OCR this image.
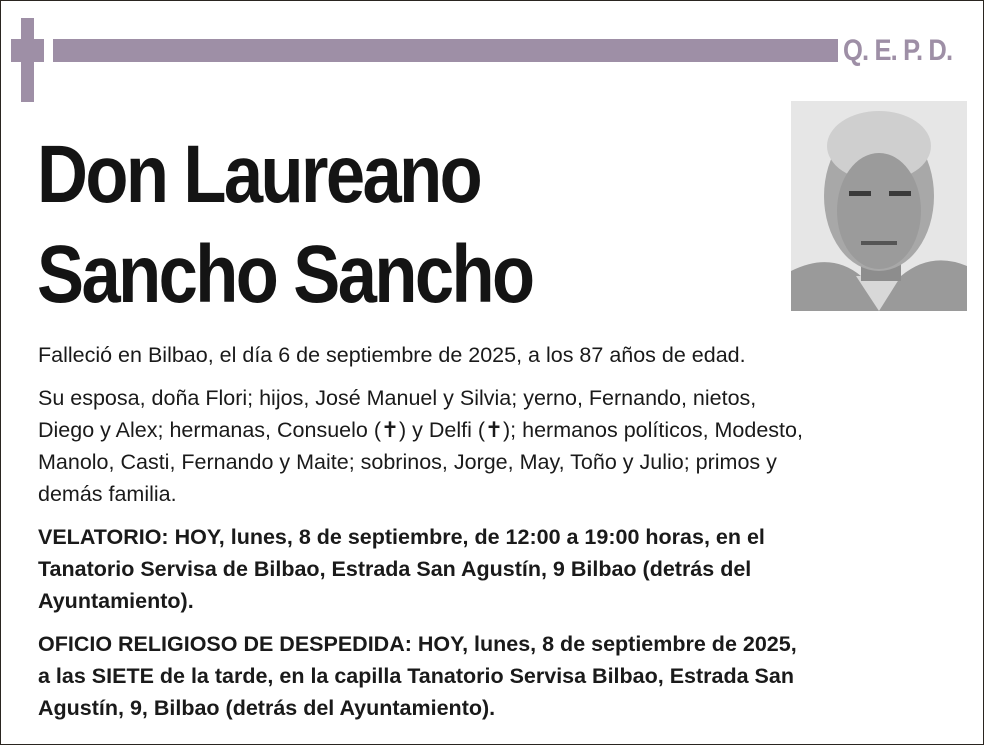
Q. E. P. D.
Don Laureano
Sancho Sancho

Falleció en Bilbao, el día 6 de septiembre de 2025, a los 87 años de edad.

Su esposa, doña Flori; hijos, José Manuel y Silvia; yerno, Fernando, nietos,
Diego y Alex; hermanas, Consuelo (✝) y Delfi (✝); hermanos políticos, Modesto,
Manolo, Casti, Fernando y Maite; sobrinos, Jorge, May, Toño y Julio; primos y
demás familia.

VELATORIO: HOY, lunes, 8 de septiembre, de 12:00 a 19:00 horas, en el
Tanatorio Servisa de Bilbao, Estrada San Agustín, 9 Bilbao (detrás del
Ayuntamiento).

OFICIO RELIGIOSO DE DESPEDIDA: HOY, lunes, 8 de septiembre de 2025,
a las SIETE de la tarde, en la capilla Tanatorio Servisa Bilbao, Estrada San
Agustín, 9, Bilbao (detrás del Ayuntamiento).
